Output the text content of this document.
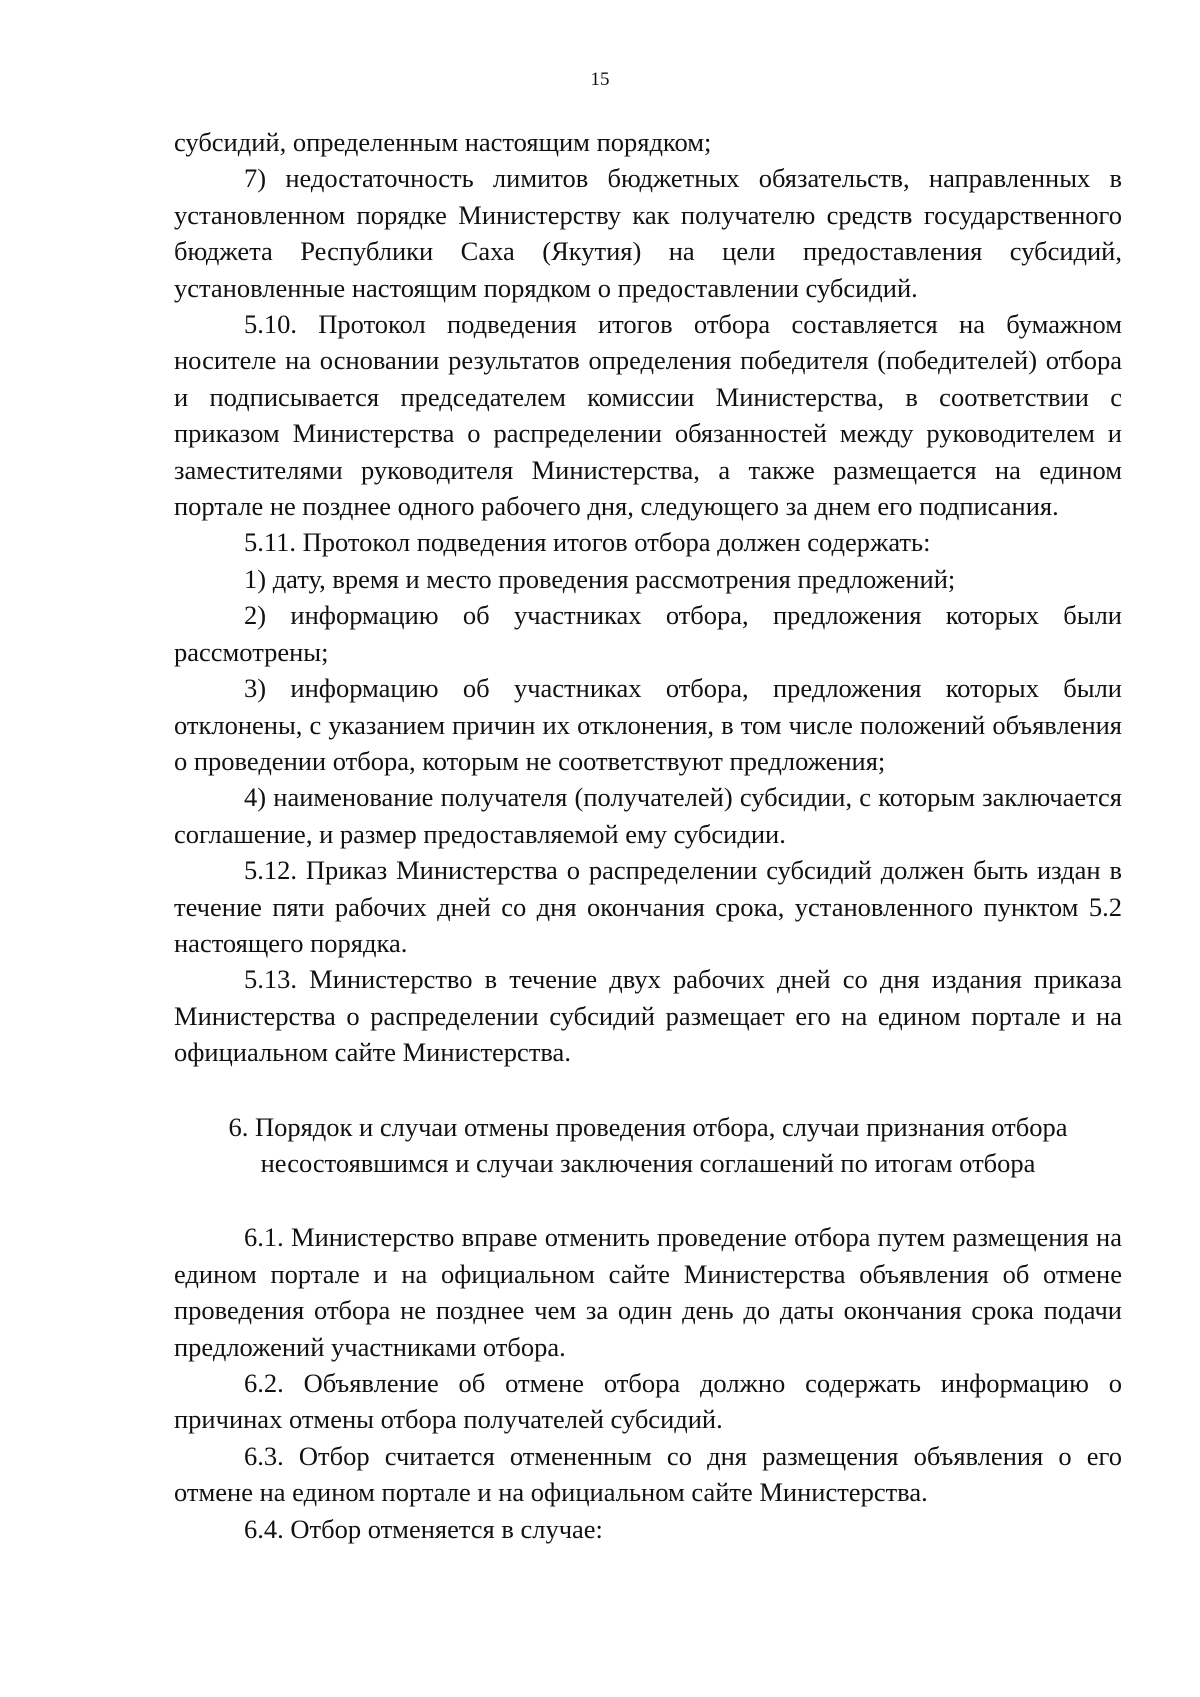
15

субсидий, определенным настоящим порядком;

7) недостаточность лимитов бюджетных обязательств, направленных в установленном порядке Министерству как получателю средств государственного бюджета Республики Саха (Якутия) на цели предоставления субсидий, установленные настоящим порядком о предоставлении субсидий.

5.10. Протокол подведения итогов отбора составляется на бумажном носителе на основании результатов определения победителя (победителей) отбора и подписывается председателем комиссии Министерства, в соответствии с приказом Министерства о распределении обязанностей между руководителем и заместителями руководителя Министерства, а также размещается на едином портале не позднее одного рабочего дня, следующего за днем его подписания.

5.11. Протокол подведения итогов отбора должен содержать:

1) дату, время и место проведения рассмотрения предложений;

2) информацию об участниках отбора, предложения которых были рассмотрены;

3) информацию об участниках отбора, предложения которых были отклонены, с указанием причин их отклонения, в том числе положений объявления о проведении отбора, которым не соответствуют предложения;

4) наименование получателя (получателей) субсидии, с которым заключается соглашение, и размер предоставляемой ему субсидии.

5.12. Приказ Министерства о распределении субсидий должен быть издан в течение пяти рабочих дней со дня окончания срока, установленного пунктом 5.2 настоящего порядка.

5.13. Министерство в течение двух рабочих дней со дня издания приказа Министерства о распределении субсидий размещает его на едином портале и на официальном сайте Министерства.

6. Порядок и случаи отмены проведения отбора, случаи признания отбора
несостоявшимся и случаи заключения соглашений по итогам отбора

6.1. Министерство вправе отменить проведение отбора путем размещения на едином портале и на официальном сайте Министерства объявления об отмене проведения отбора не позднее чем за один день до даты окончания срока подачи предложений участниками отбора.

6.2. Объявление об отмене отбора должно содержать информацию о причинах отмены отбора получателей субсидий.

6.3. Отбор считается отмененным со дня размещения объявления о его отмене на едином портале и на официальном сайте Министерства.

6.4. Отбор отменяется в случае:
